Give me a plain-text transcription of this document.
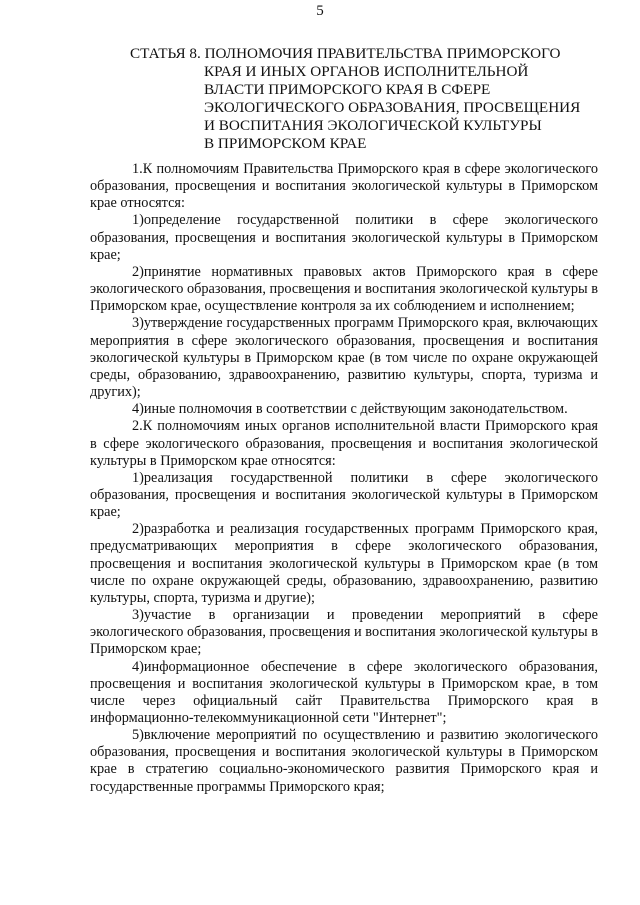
5
СТАТЬЯ 8. ПОЛНОМОЧИЯ ПРАВИТЕЛЬСТВА ПРИМОРСКОГО
КРАЯ И ИНЫХ ОРГАНОВ ИСПОЛНИТЕЛЬНОЙ
ВЛАСТИ ПРИМОРСКОГО КРАЯ В СФЕРЕ
ЭКОЛОГИЧЕСКОГО ОБРАЗОВАНИЯ, ПРОСВЕЩЕНИЯ
И ВОСПИТАНИЯ ЭКОЛОГИЧЕСКОЙ КУЛЬТУРЫ
В ПРИМОРСКОМ КРАЕ

1.К полномочиям Правительства Приморского края в сфере экологического образования, просвещения и воспитания экологической культуры в Приморском крае относятся:

1)определение государственной политики в сфере экологического образования, просвещения и воспитания экологической культуры в Приморском крае;

2)принятие нормативных правовых актов Приморского края в сфере экологического образования, просвещения и воспитания экологической культуры в Приморском крае, осуществление контроля за их соблюдением и исполнением;

3)утверждение государственных программ Приморского края, включающих мероприятия в сфере экологического образования, просвещения и воспитания экологической культуры в Приморском крае (в том числе по охране окружающей среды, образованию, здравоохранению, развитию культуры, спорта, туризма и других);

4)иные полномочия в соответствии с действующим законодательством.

2.К полномочиям иных органов исполнительной власти Приморского края в сфере экологического образования, просвещения и воспитания экологической культуры в Приморском крае относятся:

1)реализация государственной политики в сфере экологического образования, просвещения и воспитания экологической культуры в Приморском крае;

2)разработка и реализация государственных программ Приморского края, предусматривающих мероприятия в сфере экологического образования, просвещения и воспитания экологической культуры в Приморском крае (в том числе по охране окружающей среды, образованию, здравоохранению, развитию культуры, спорта, туризма и другие);

3)участие в организации и проведении мероприятий в сфере экологического образования, просвещения и воспитания экологической культуры в Приморском крае;

4)информационное обеспечение в сфере экологического образования, просвещения и воспитания экологической культуры в Приморском крае, в том числе через официальный сайт Правительства Приморского края в информационно-телекоммуникационной сети "Интернет";

5)включение мероприятий по осуществлению и развитию экологического образования, просвещения и воспитания экологической культуры в Приморском крае в стратегию социально-экономического развития Приморского края и государственные программы Приморского края;
